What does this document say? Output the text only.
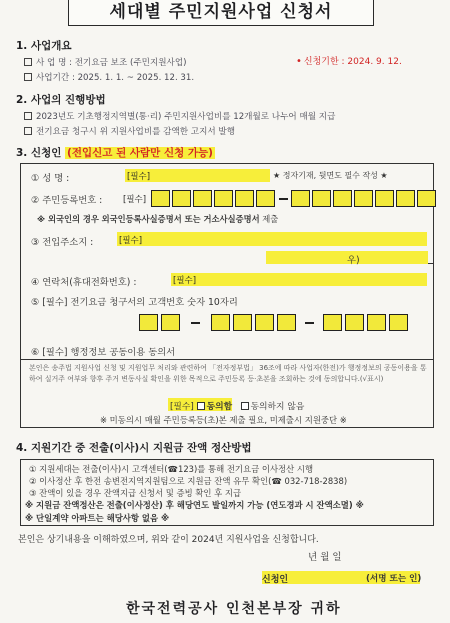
세대별 주민지원사업 신청서
1. 사업개요
사 업 명 : 전기요금 보조 (주민지원사업)
사업기간 : 2025. 1. 1. ~ 2025. 12. 31.
• 신청기한 : 2024. 9. 12.
2. 사업의 진행방법
2023년도 기초행정지역별(통·리) 주민지원사업비를 12개월로 나누어 매월 지급
전기요금 청구시 위 지원사업비를 감액한 고지서 발행
3. 신청인 (전입신고 된 사람만 신청 가능)
① 성 명 :	[필수]	★ 정자기재, 뒷면도 필수 작성 ★
② 주민등록번호 : [필수]
※ 외국인의 경우 외국인등록사실증명서 또는 거소사실증명서 제출
③ 전입주소지 :	[필수]
우)
④ 연락처(휴대전화번호) :	[필수]
⑤ [필수] 전기요금 청구서의 고객번호 숫자 10자리
⑥ [필수] 행정정보 공동이용 동의서
본인은 송주법 지원사업 신청 및 지원업무 처리와 관련하여 「전자정부법」 36조에 따라 사업자(한전)가 행정정보의 공동이용을 통하여 실거주 여부와 향후 주거 변동사실 확인을 위한 목적으로 주민등록 등·초본을 조회하는 것에 동의합니다.(√표시)
[필수] 동의함 동의하지 않음
※ 미동의시 매월 주민등록등(초)본 제출 필요, 미제출시 지원중단 ※
4. 지원기간 중 전출(이사)시 지원금 잔액 정산방법
① 지원세대는 전출(이사)시 고객센터(☎123)를 통해 전기요금 이사정산 시행
② 이사정산 후 한전 송변전지역지원팀으로 지원금 잔액 유무 확인(☎ 032-718-2838)
③ 잔액이 있을 경우 잔액지급 신청서 및 증빙 확인 후 지급
※ 지원금 잔액정산은 전출(이사정산) 후 해당연도 발일까지 가능 (연도경과 시 잔액소멸) ※
※ 단일계약 아파트는 해당사항 없음 ※
본인은 상기내용을 이해하였으며, 위와 같이 2024년 지원사업을 신청합니다.
년 월 일
신청인	(서명 또는 인)
한국전력공사 인천본부장 귀하
